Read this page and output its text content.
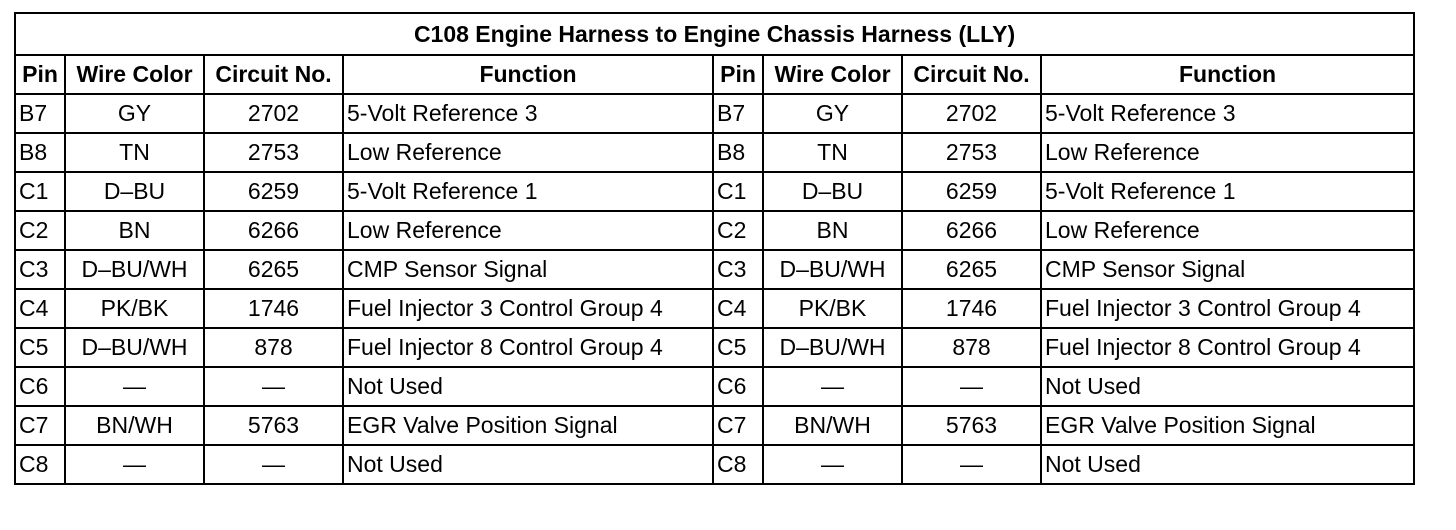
C108 Engine Harness to Engine Chassis Harness (LLY)							
Pin	Wire Color	Circuit No.	Function	Pin	Wire Color	Circuit No.	Function
B7	GY	2702	5-Volt Reference 3	B7	GY	2702	5-Volt Reference 3
B8	TN	2753	Low Reference	B8	TN	2753	Low Reference
C1	D–BU	6259	5-Volt Reference 1	C1	D–BU	6259	5-Volt Reference 1
C2	BN	6266	Low Reference	C2	BN	6266	Low Reference
C3	D–BU/WH	6265	CMP Sensor Signal	C3	D–BU/WH	6265	CMP Sensor Signal
C4	PK/BK	1746	Fuel Injector 3 Control Group 4	C4	PK/BK	1746	Fuel Injector 3 Control Group 4
C5	D–BU/WH	878	Fuel Injector 8 Control Group 4	C5	D–BU/WH	878	Fuel Injector 8 Control Group 4
C6	—	—	Not Used	C6	—	—	Not Used
C7	BN/WH	5763	EGR Valve Position Signal	C7	BN/WH	5763	EGR Valve Position Signal
C8	—	—	Not Used	C8	—	—	Not Used
